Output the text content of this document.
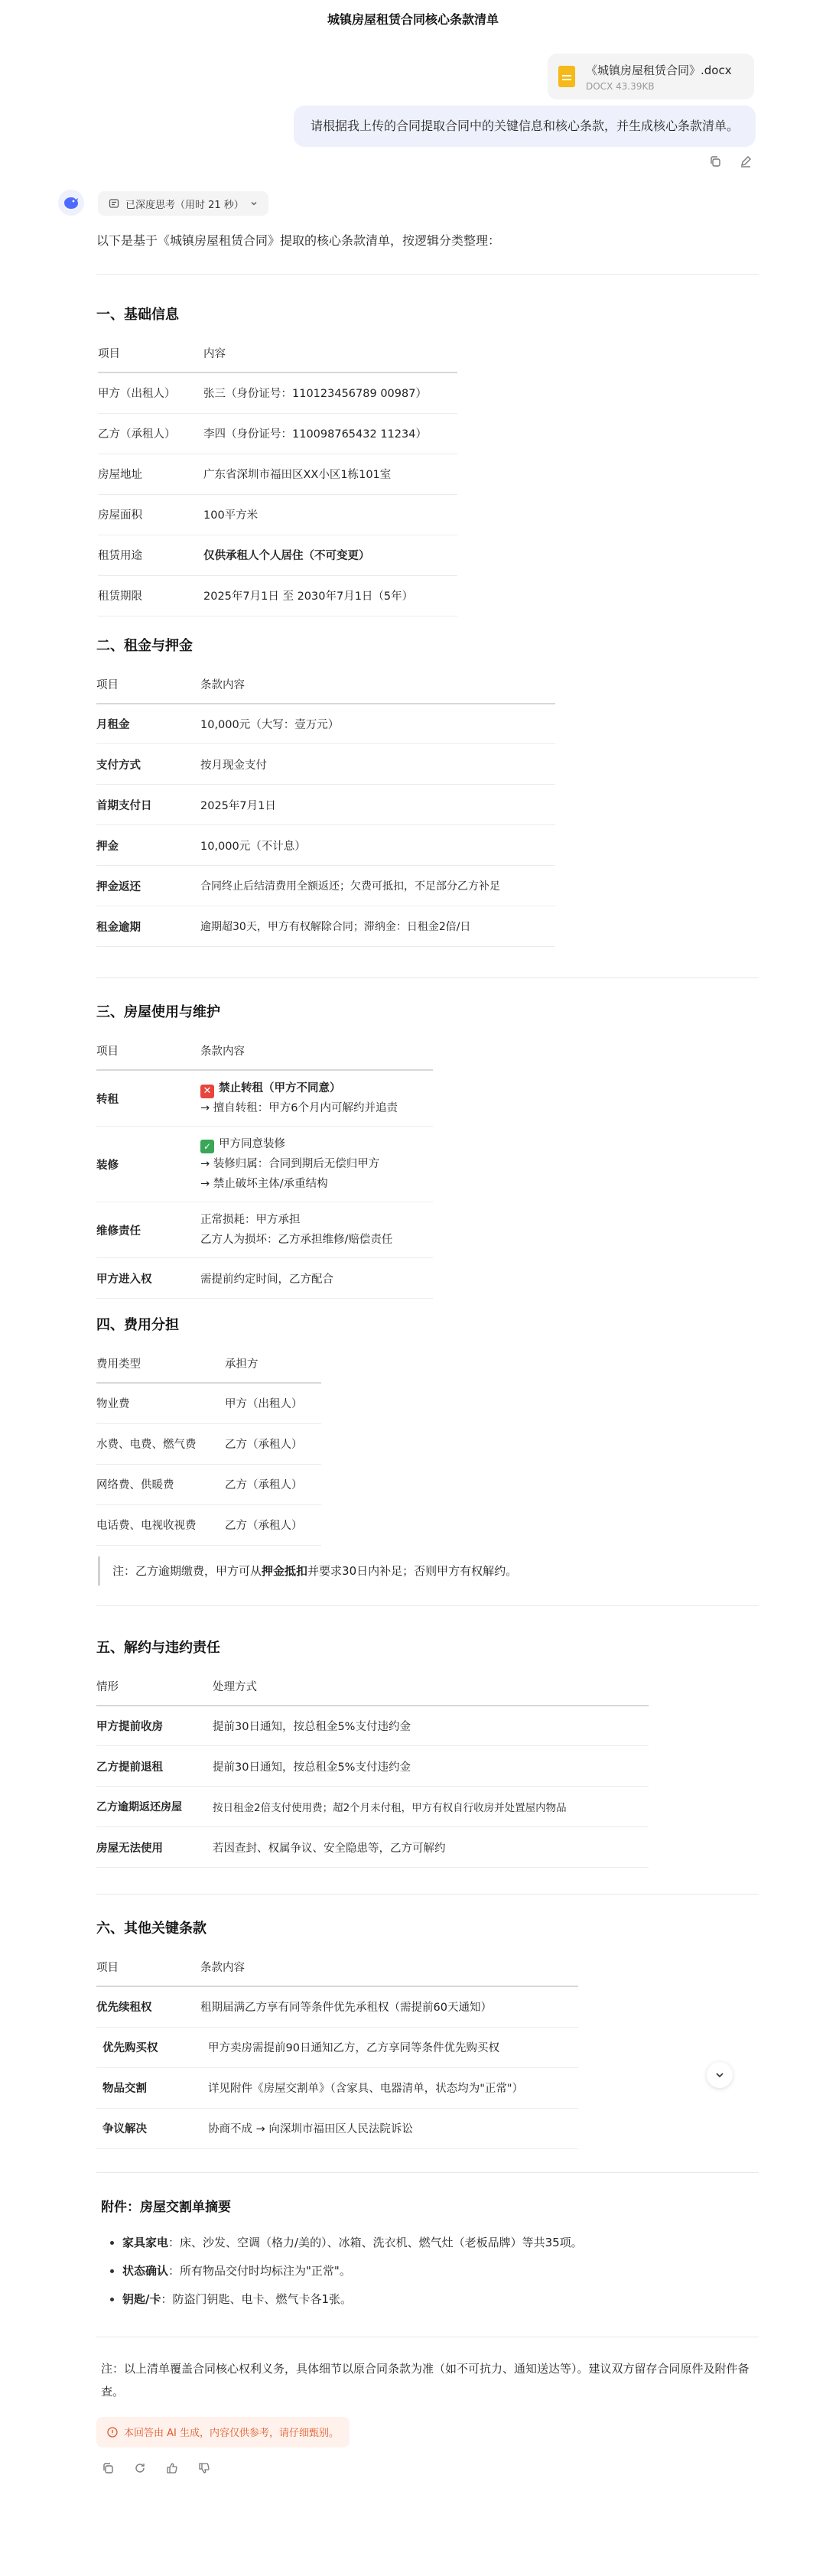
城镇房屋租赁合同核心条款清单
《城镇房屋租赁合同》.docx
DOCX 43.39KB
请根据我上传的合同提取合同中的关键信息和核心条款，并生成核心条款清单。
已深度思考（用时 21 秒）
以下是基于《城镇房屋租赁合同》提取的核心条款清单，按逻辑分类整理：
一、基础信息
项目	内容
甲方（出租人）	张三（身份证号：110123456789 00987）
乙方（承租人）	李四（身份证号：110098765432 11234）
房屋地址	广东省深圳市福田区XX小区1栋101室
房屋面积	100平方米
租赁用途	仅供承租人个人居住（不可变更）
租赁期限	2025年7月1日 至 2030年7月1日（5年）
二、租金与押金
项目	条款内容
月租金	10,000元（大写：壹万元）
支付方式	按月现金支付
首期支付日	2025年7月1日
押金	10,000元（不计息）
押金返还	合同终止后结清费用全额返还；欠费可抵扣，不足部分乙方补足
租金逾期	逾期超30天，甲方有权解除合同；滞纳金：日租金2倍/日
三、房屋使用与维护
项目	条款内容
转租	✕ 禁止转租（甲方不同意）
→ 擅自转租：甲方6个月内可解约并追责

装修	✓ 甲方同意装修
→ 装修归属：合同到期后无偿归甲方
→ 禁止破坏主体/承重结构

维修责任	正常损耗：甲方承担
乙方人为损坏：乙方承担维修/赔偿责任

甲方进入权	需提前约定时间，乙方配合
四、费用分担
费用类型	承担方
物业费	甲方（出租人）
水费、电费、燃气费	乙方（承租人）
网络费、供暖费	乙方（承租人）
电话费、电视收视费	乙方（承租人）
注：乙方逾期缴费，甲方可从押金抵扣并要求30日内补足；否则甲方有权解约。
五、解约与违约责任
情形	处理方式
甲方提前收房	提前30日通知，按总租金5%支付违约金
乙方提前退租	提前30日通知，按总租金5%支付违约金
乙方逾期返还房屋	按日租金2倍支付使用费；超2个月未付租，甲方有权自行收房并处置屋内物品
房屋无法使用	若因查封、权属争议、安全隐患等，乙方可解约
六、其他关键条款
项目	条款内容
优先续租权	租期届满乙方享有同等条件优先承租权（需提前60天通知）
优先购买权	甲方卖房需提前90日通知乙方，乙方享同等条件优先购买权
物品交割	详见附件《房屋交割单》（含家具、电器清单，状态均为"正常"）
争议解决	协商不成 → 向深圳市福田区人民法院诉讼
附件：房屋交割单摘要
• 家具家电：床、沙发、空调（格力/美的）、冰箱、洗衣机、燃气灶（老板品牌）等共35项。
• 状态确认：所有物品交付时均标注为"正常"。
• 钥匙/卡：防盗门钥匙、电卡、燃气卡各1张。
注：以上清单覆盖合同核心权利义务，具体细节以原合同条款为准（如不可抗力、通知送达等）。建议双方留存合同原件及附件备查。
本回答由 AI 生成，内容仅供参考，请仔细甄别。
